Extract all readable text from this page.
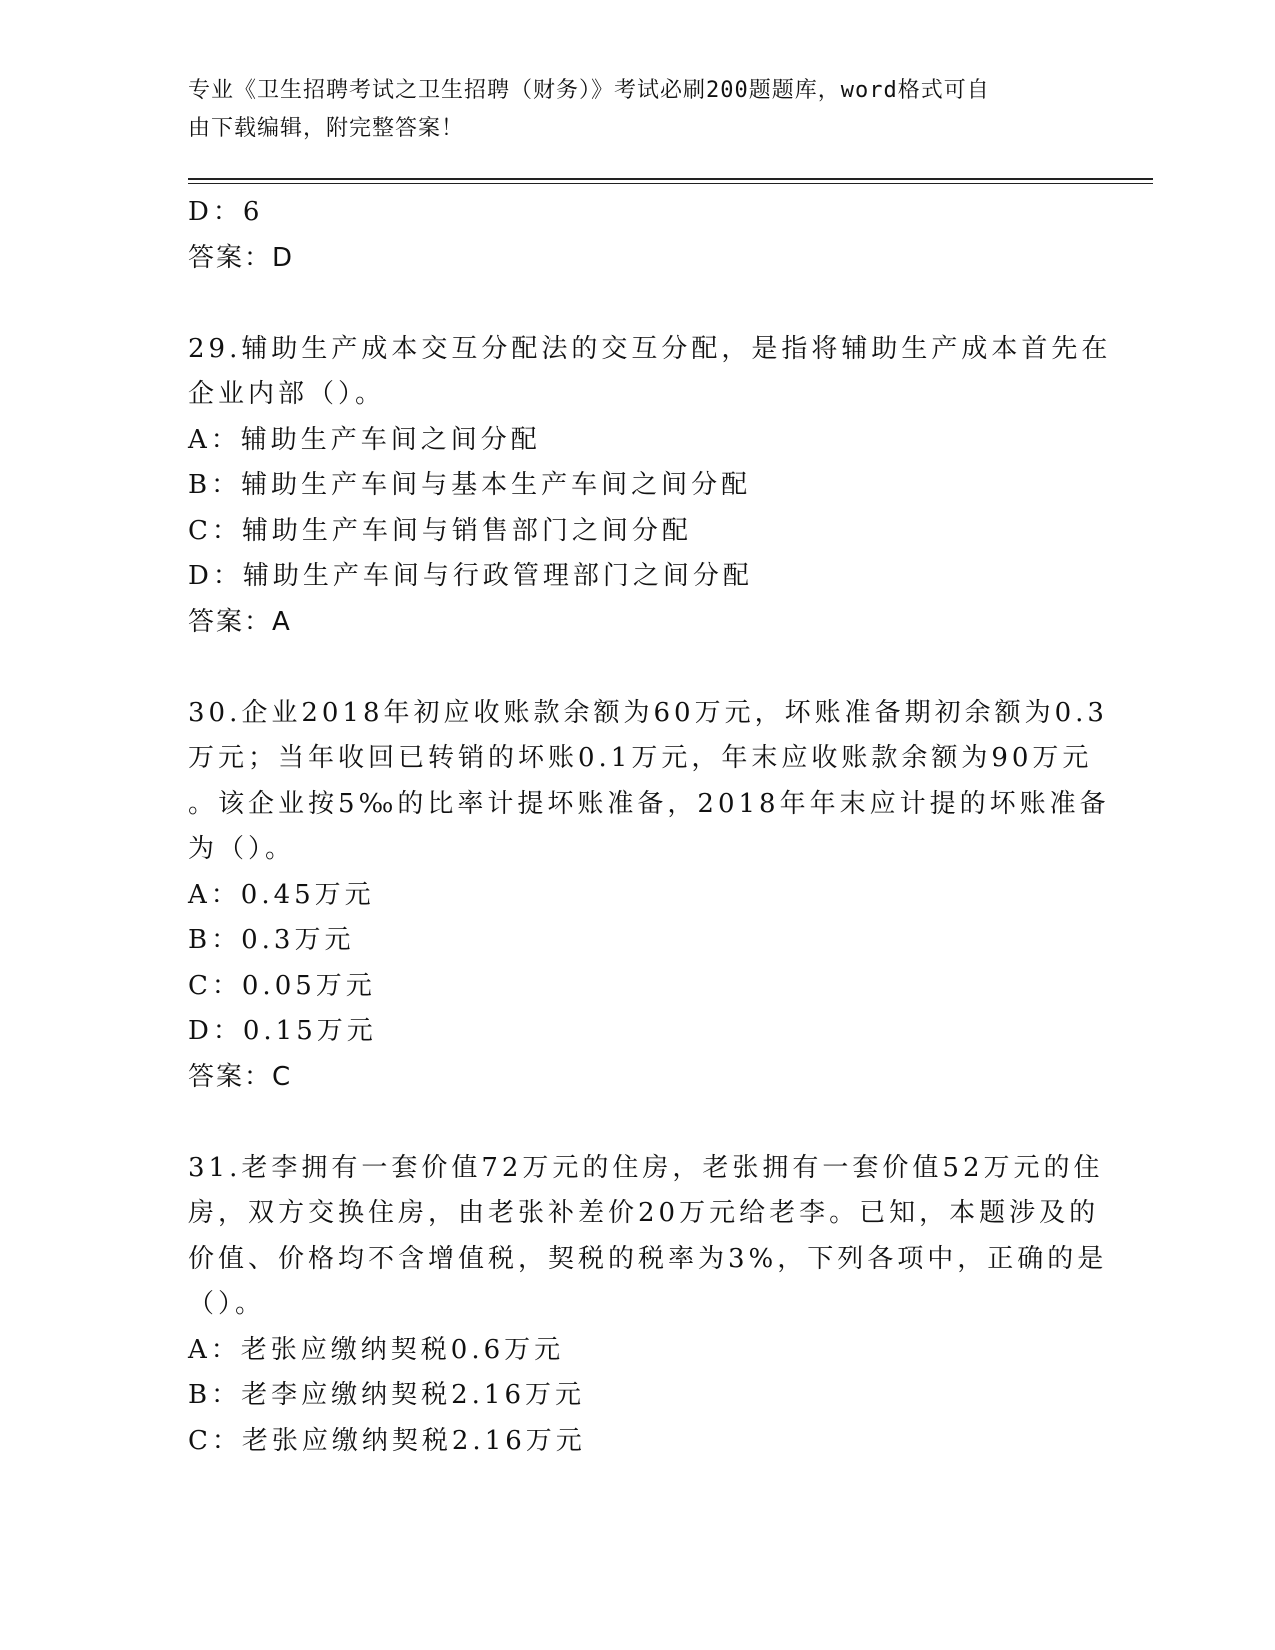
专业《卫生招聘考试之卫生招聘（财务）》考试必刷200题题库，word格式可自
由下载编辑，附完整答案！
D：6
答案：D
29.辅助生产成本交互分配法的交互分配，是指将辅助生产成本首先在
企业内部（）。
A：辅助生产车间之间分配
B：辅助生产车间与基本生产车间之间分配
C：辅助生产车间与销售部门之间分配
D：辅助生产车间与行政管理部门之间分配
答案：A
30.企业2018年初应收账款余额为60万元，坏账准备期初余额为0.3
万元；当年收回已转销的坏账0.1万元，年末应收账款余额为90万元
。该企业按5‰的比率计提坏账准备，2018年年末应计提的坏账准备
为（）。
A：0.45万元
B：0.3万元
C：0.05万元
D：0.15万元
答案：C
31.老李拥有一套价值72万元的住房，老张拥有一套价值52万元的住
房，双方交换住房，由老张补差价20万元给老李。已知，本题涉及的
价值、价格均不含增值税，契税的税率为3%，下列各项中，正确的是
（）。
A：老张应缴纳契税0.6万元
B：老李应缴纳契税2.16万元
C：老张应缴纳契税2.16万元
